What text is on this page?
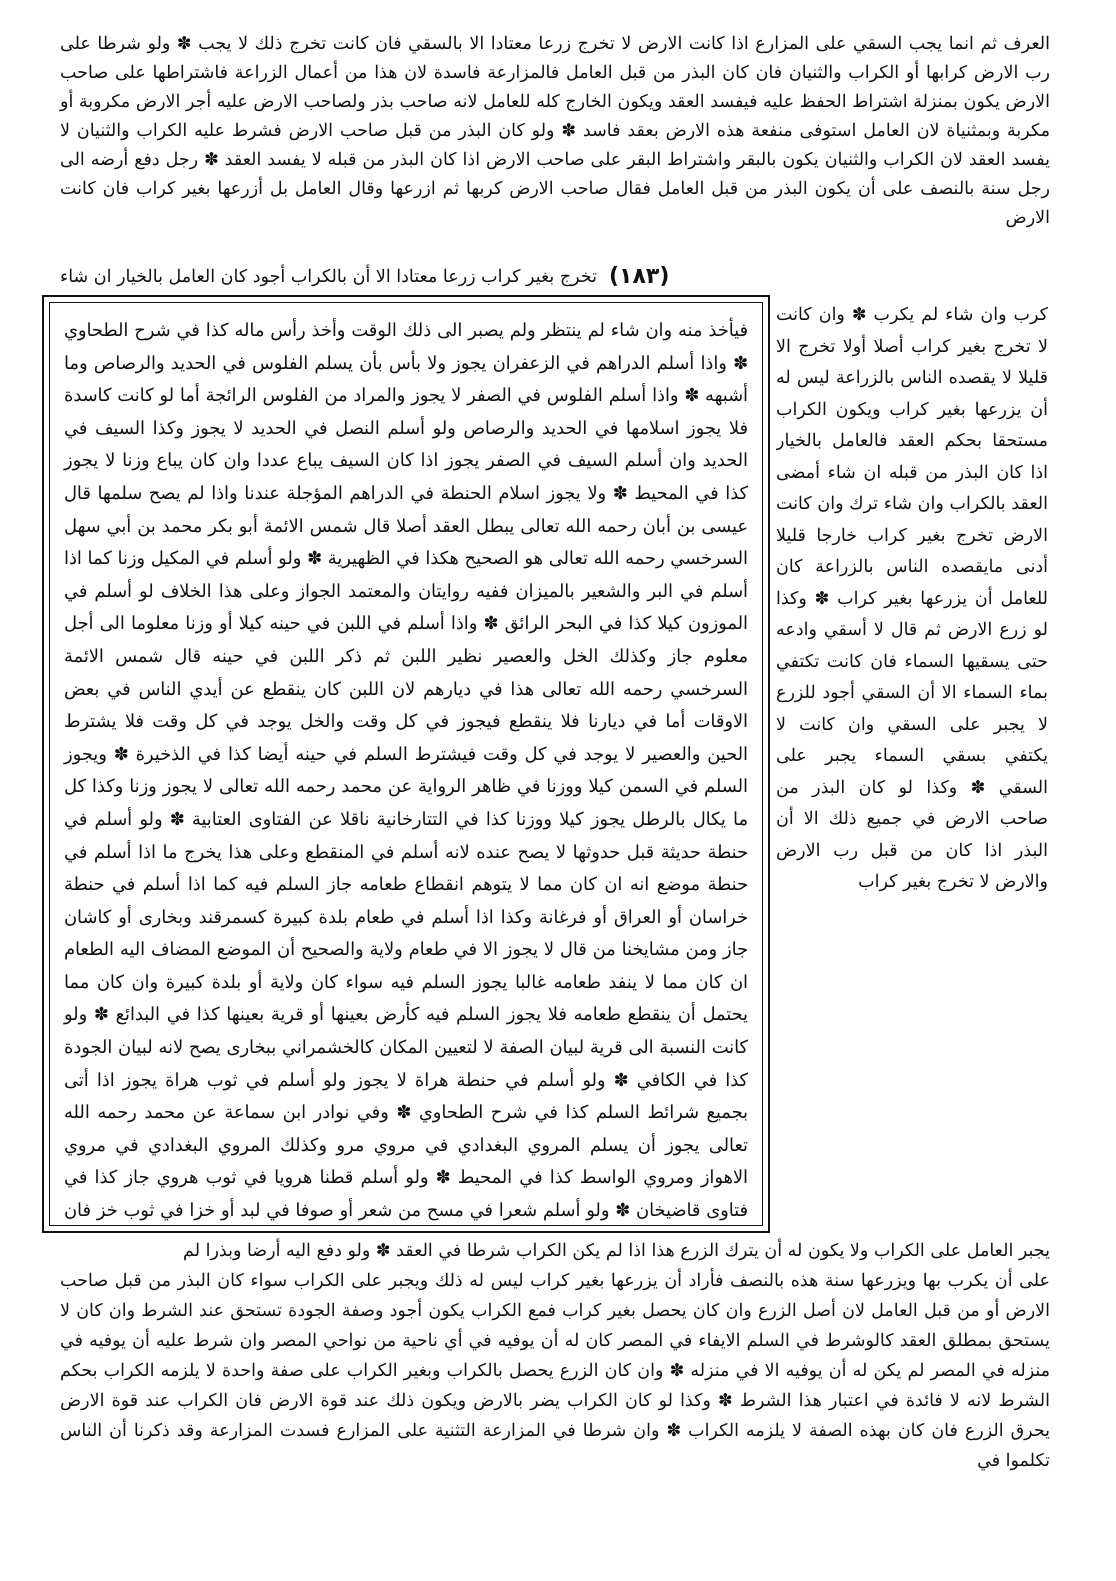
العرف ثم انما يجب السقي على المزارع اذا كانت الارض لا تخرج زرعا معتادا الا بالسقي فان كانت تخرج ذلك لا يجب ✽ ولو شرطا على رب الارض كرابها أو الكراب والثنيان فان كان البذر من قبل العامل فالمزارعة فاسدة لان هذا من أعمال الزراعة فاشتراطها على صاحب الارض يكون بمنزلة اشتراط الحفظ عليه فيفسد العقد ويكون الخارج كله للعامل لانه صاحب بذر ولصاحب الارض عليه أجر الارض مكروبة أو مكربة وبمثنياة لان العامل استوفى منفعة هذه الارض بعقد فاسد ✽ ولو كان البذر من قبل صاحب الارض فشرط عليه الكراب والثنيان لا يفسد العقد لان الكراب والثنيان يكون بالبقر واشتراط البقر على صاحب الارض اذا كان البذر من قبله لا يفسد العقد ✽ رجل دفع أرضه الى رجل سنة بالنصف على أن يكون البذر من قبل العامل فقال صاحب الارض كربها ثم ازرعها وقال العامل بل أزرعها بغير كراب فان كانت الارض

تخرج بغير كراب زرعا معتادا الا أن بالكراب أجود كان العامل بالخيار ان شاء (١٨٣)
كرب وان شاء لم يكرب ✽ وان كانت لا تخرج بغير كراب أصلا أولا تخرج الا قليلا لا يقصده الناس بالزراعة ليس له أن يزرعها بغير كراب ويكون الكراب مستحقا بحكم العقد فالعامل بالخيار اذا كان البذر من قبله ان شاء أمضى العقد بالكراب وان شاء ترك وان كانت الارض تخرج بغير كراب خارجا قليلا أدنى مايقصده الناس بالزراعة كان للعامل أن يزرعها بغير كراب ✽ وكذا لو زرع الارض ثم قال لا أسقي وادعه حتى يسقيها السماء فان كانت تكتفي بماء السماء الا أن السقي أجود للزرع لا يجبر على السقي وان كانت لا يكتفي بسقي السماء يجبر على السقي ✽ وكذا لو كان البذر من صاحب الارض في جميع ذلك الا أن البذر اذا كان من قبل رب الارض والارض لا تخرج بغير كراب
فيأخذ منه وان شاء لم ينتظر ولم يصبر الى ذلك الوقت وأخذ رأس ماله كذا في شرح الطحاوي ✽ واذا أسلم الدراهم في الزعفران يجوز ولا بأس بأن يسلم الفلوس في الحديد والرصاص وما أشبهه ✽ واذا أسلم الفلوس في الصفر لا يجوز والمراد من الفلوس الرائجة أما لو كانت كاسدة فلا يجوز اسلامها في الحديد والرصاص ولو أسلم النصل في الحديد لا يجوز وكذا السيف في الحديد وان أسلم السيف في الصفر يجوز اذا كان السيف يباع عددا وان كان يباع وزنا لا يجوز كذا في المحيط ✽ ولا يجوز اسلام الحنطة في الدراهم المؤجلة عندنا واذا لم يصح سلمها قال عيسى بن أبان رحمه الله تعالى يبطل العقد أصلا قال شمس الائمة أبو بكر محمد بن أبي سهل السرخسي رحمه الله تعالى هو الصحيح هكذا في الظهيرية ✽ ولو أسلم في المكيل وزنا كما اذا أسلم في البر والشعير بالميزان ففيه روايتان والمعتمد الجواز وعلى هذا الخلاف لو أسلم في الموزون كيلا كذا في البحر الرائق ✽ واذا أسلم في اللبن في حينه كيلا أو وزنا معلوما الى أجل معلوم جاز وكذلك الخل والعصير نظير اللبن ثم ذكر اللبن في حينه قال شمس الائمة السرخسي رحمه الله تعالى هذا في ديارهم لان اللبن كان ينقطع عن أيدي الناس في بعض الاوقات أما في ديارنا فلا ينقطع فيجوز في كل وقت والخل يوجد في كل وقت فلا يشترط الحين والعصير لا يوجد في كل وقت فيشترط السلم في حينه أيضا كذا في الذخيرة ✽ ويجوز السلم في السمن كيلا ووزنا في ظاهر الرواية عن محمد رحمه الله تعالى لا يجوز وزنا وكذا كل ما يكال بالرطل يجوز كيلا ووزنا كذا في التتارخانية ناقلا عن الفتاوى العتابية ✽ ولو أسلم في حنطة حديثة قبل حدوثها لا يصح عنده لانه أسلم في المنقطع وعلى هذا يخرج ما اذا أسلم في حنطة موضع انه ان كان مما لا يتوهم انقطاع طعامه جاز السلم فيه كما اذا أسلم في حنطة خراسان أو العراق أو فرغانة وكذا اذا أسلم في طعام بلدة كبيرة كسمرقند وبخارى أو كاشان جاز ومن مشايخنا من قال لا يجوز الا في طعام ولاية والصحيح أن الموضع المضاف اليه الطعام ان كان مما لا ينفد طعامه غالبا يجوز السلم فيه سواء كان ولاية أو بلدة كبيرة وان كان مما يحتمل أن ينقطع طعامه فلا يجوز السلم فيه كأرض بعينها أو قرية بعينها كذا في البدائع ✽ ولو كانت النسبة الى قرية لبيان الصفة لا لتعيين المكان كالخشمراني ببخارى يصح لانه لبيان الجودة كذا في الكافي ✽ ولو أسلم في حنطة هراة لا يجوز ولو أسلم في ثوب هراة يجوز اذا أتى بجميع شرائط السلم كذا في شرح الطحاوي ✽ وفي نوادر ابن سماعة عن محمد رحمه الله تعالى يجوز أن يسلم المروي البغدادي في مروي مرو وكذلك المروي البغدادي في مروي الاهواز ومروي الواسط كذا في المحيط ✽ ولو أسلم قطنا هرويا في ثوب هروي جاز كذا في فتاوى قاضيخان ✽ ولو أسلم شعرا في مسح من شعر أو صوفا في لبد أو خزا في ثوب خز فان
يجبر العامل على الكراب ولا يكون له أن يترك الزرع هذا اذا لم يكن الكراب شرطا في العقد ✽ ولو دفع اليه أرضا وبذرا لم
على أن يكرب بها ويزرعها سنة هذه بالنصف فأراد أن يزرعها بغير كراب ليس له ذلك ويجبر على الكراب سواء كان البذر من قبل صاحب الارض أو من قبل العامل لان أصل الزرع وان كان يحصل بغير كراب فمع الكراب يكون أجود وصفة الجودة تستحق عند الشرط وان كان لا يستحق بمطلق العقد كالوشرط في السلم الايفاء في المصر كان له أن يوفيه في أي ناحية من نواحي المصر وان شرط عليه أن يوفيه في منزله في المصر لم يكن له أن يوفيه الا في منزله ✽ وان كان الزرع يحصل بالكراب وبغير الكراب على صفة واحدة لا يلزمه الكراب بحكم الشرط لانه لا فائدة في اعتبار هذا الشرط ✽ وكذا لو كان الكراب يضر بالارض ويكون ذلك عند قوة الارض فان الكراب عند قوة الارض يحرق الزرع فان كان بهذه الصفة لا يلزمه الكراب ✽ وان شرطا في المزارعة التثنية على المزارع فسدت المزارعة وقد ذكرنا أن الناس تكلموا في
